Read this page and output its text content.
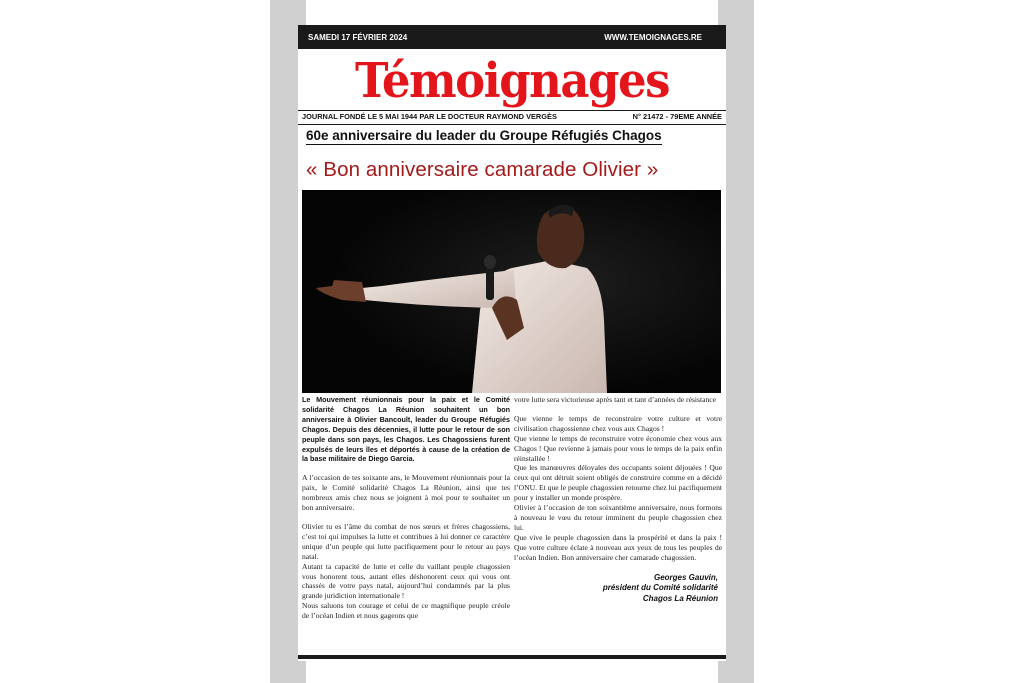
SAMEDI 17 FÉVRIER 2024	WWW.TEMOIGNAGES.RE
Témoignages
JOURNAL FONDÉ LE 5 MAI 1944 PAR LE DOCTEUR RAYMOND VERGÈS	N° 21472 - 79EME ANNÉE
60e anniversaire du leader du Groupe Réfugiés Chagos
« Bon anniversaire camarade Olivier »

Le Mouvement réunionnais pour la paix et le Comité solidarité Chagos La Réunion souhaitent un bon anniversaire à Olivier Bancoult, leader du Groupe Réfugiés Chagos. Depuis des décennies, il lutte pour le retour de son peuple dans son pays, les Chagos. Les Chagossiens furent expulsés de leurs îles et déportés à cause de la création de la base militaire de Diego Garcia.

A l’occasion de tes soixante ans, le Mouvement réunionnais pour la paix, le Comité solidarité Chagos La Réunion, ainsi que tes nombreux amis chez nous se joignent à moi pour te souhaiter un bon anniversaire.

Olivier tu es l’âme du combat de nos sœurs et frères chagossiens, c’est toi qui impulses la lutte et contribues à lui donner ce caractère unique d’un peuple qui lutte pacifiquement pour le retour au pays natal.

Autant ta capacité de lutte et celle du vaillant peuple chagossien vous honorent tous, autant elles déshonorent ceux qui vous ont chassés de votre pays natal, aujourd’hui condamnés par la plus grande juridiction internationale !

Nous saluons ton courage et celui de ce magnifique peuple créole de l’océan Indien et nous gageons que

votre lutte sera victorieuse après tant et tant d’années de résistance

Que vienne le temps de reconstruire votre culture et votre civilisation chagossienne chez vous aux Chagos !

Que vienne le temps de reconstruire votre économie chez vous aux Chagos ! Que revienne à jamais pour vous le temps de la paix enfin réinstallée !

Que les manœuvres déloyales des occupants soient déjouées ! Que ceux qui ont détruit soient obligés de construire comme en a décidé l’ONU. Et que le peuple chagossien retourne chez lui pacifiquement pour y installer un monde prospère.

Olivier à l’occasion de ton soixantième anniversaire, nous formons à nouveau le vœu du retour imminent du peuple chagossien chez lui.

Que vive le peuple chagossien dans la prospérité et dans la paix ! Que votre culture éclate à nouveau aux yeux de tous les peuples de l’océan Indien. Bon anniversaire cher camarade chagossien.

Georges Gauvin,
président du Comité solidarité
Chagos La Réunion
